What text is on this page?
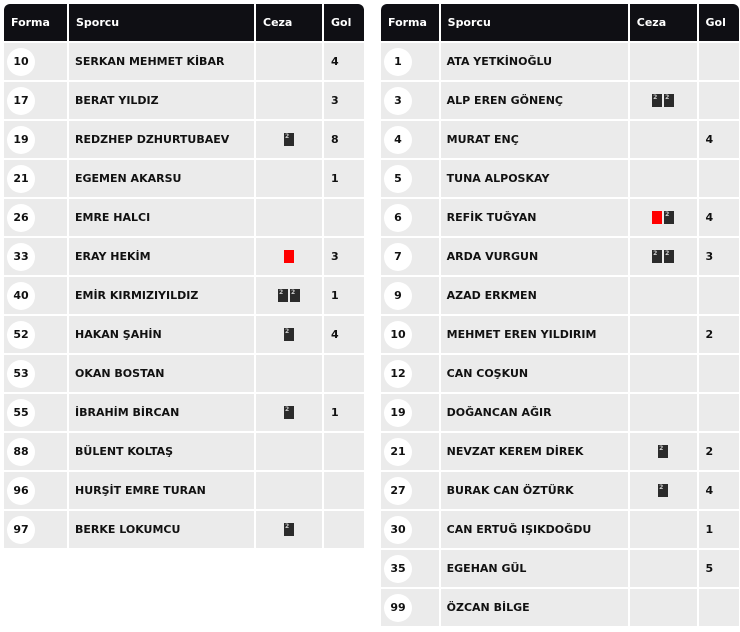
Forma	Sporcu	Ceza	Gol

10	SERKAN MEHMET KİBAR		4

17	BERAT YILDIZ		3

19	REDZHEP DZHURTUBAEV	2	8

21	EGEMEN AKARSU		1

26	EMRE HALCI		

33	ERAY HEKİM		3

40	EMİR KIRMIZIYILDIZ	22	1

52	HAKAN ŞAHİN	2	4

53	OKAN BOSTAN		

55	İBRAHİM BİRCAN	2	1

88	BÜLENT KOLTAŞ		

96	HURŞİT EMRE TURAN		

97	BERKE LOKUMCU	2	
Forma	Sporcu	Ceza	Gol

1	ATA YETKİNOĞLU		

3	ALP EREN GÖNENÇ	22	

4	MURAT ENÇ		4

5	TUNA ALPOSKAY		

6	REFİK TUĞYAN	2	4

7	ARDA VURGUN	22	3

9	AZAD ERKMEN		

10	MEHMET EREN YILDIRIM		2

12	CAN COŞKUN		

19	DOĞANCAN AĞIR		

21	NEVZAT KEREM DİREK	2	2

27	BURAK CAN ÖZTÜRK	2	4

30	CAN ERTUĞ IŞIKDOĞDU		1

35	EGEHAN GÜL		5

99	ÖZCAN BİLGE		
